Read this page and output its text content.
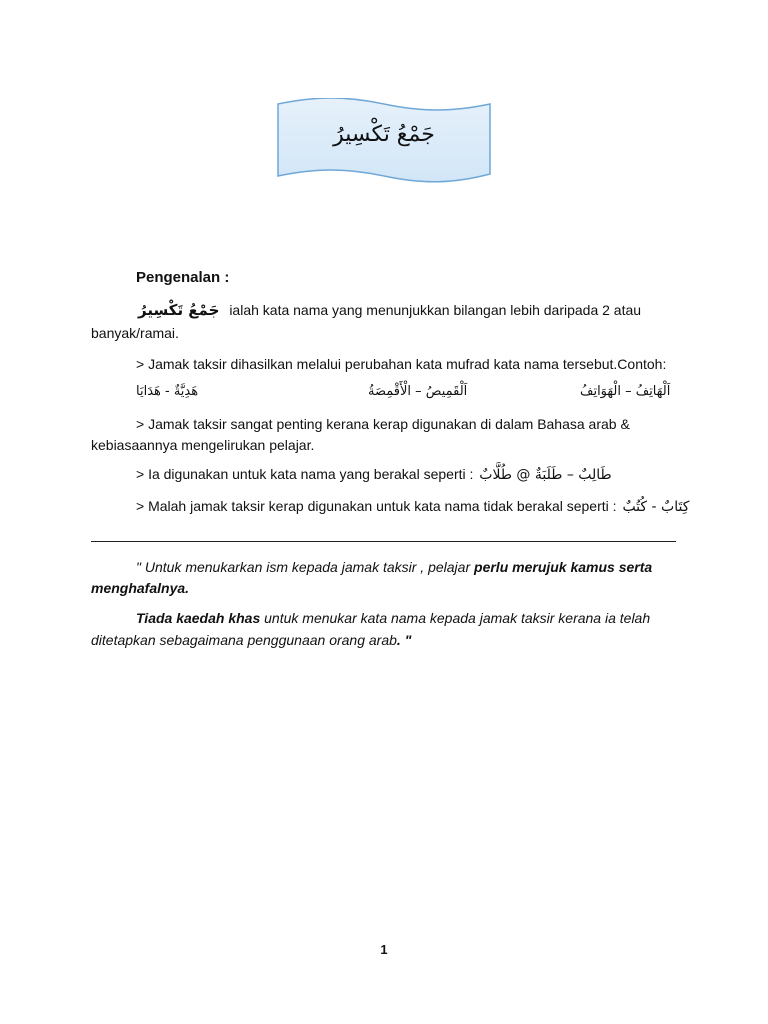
جَمْعُ تَكْسِيرُ
Pengenalan :
جَمْعُ تَكْسِيرُ ialah kata nama yang menunjukkan bilangan lebih daripada 2 atau
banyak/ramai.
> Jamak taksir dihasilkan melalui perubahan kata mufrad kata nama tersebut.Contoh:
اَلْهَاتِفُ – الْهَوَاتِفُ
اَلْقَمِيصُ – الْأَقْمِصَةُ
هَدِيَّةٌ - هَدَايَا
> Jamak taksir sangat penting kerana kerap digunakan di dalam Bahasa arab &
kebiasaannya mengelirukan pelajar.
> Ia digunakan untuk kata nama yang berakal seperti : طَالِبٌ – طَلَبَةٌ @ طُلَّابٌ
> Malah jamak taksir kerap digunakan untuk kata nama tidak berakal seperti : كِتَابٌ - كُتُبٌ
" Untuk menukarkan ism kepada jamak taksir , pelajar perlu merujuk kamus serta
menghafalnya.
Tiada kaedah khas untuk menukar kata nama kepada jamak taksir kerana ia telah
ditetapkan sebagaimana penggunaan orang arab. "
1
